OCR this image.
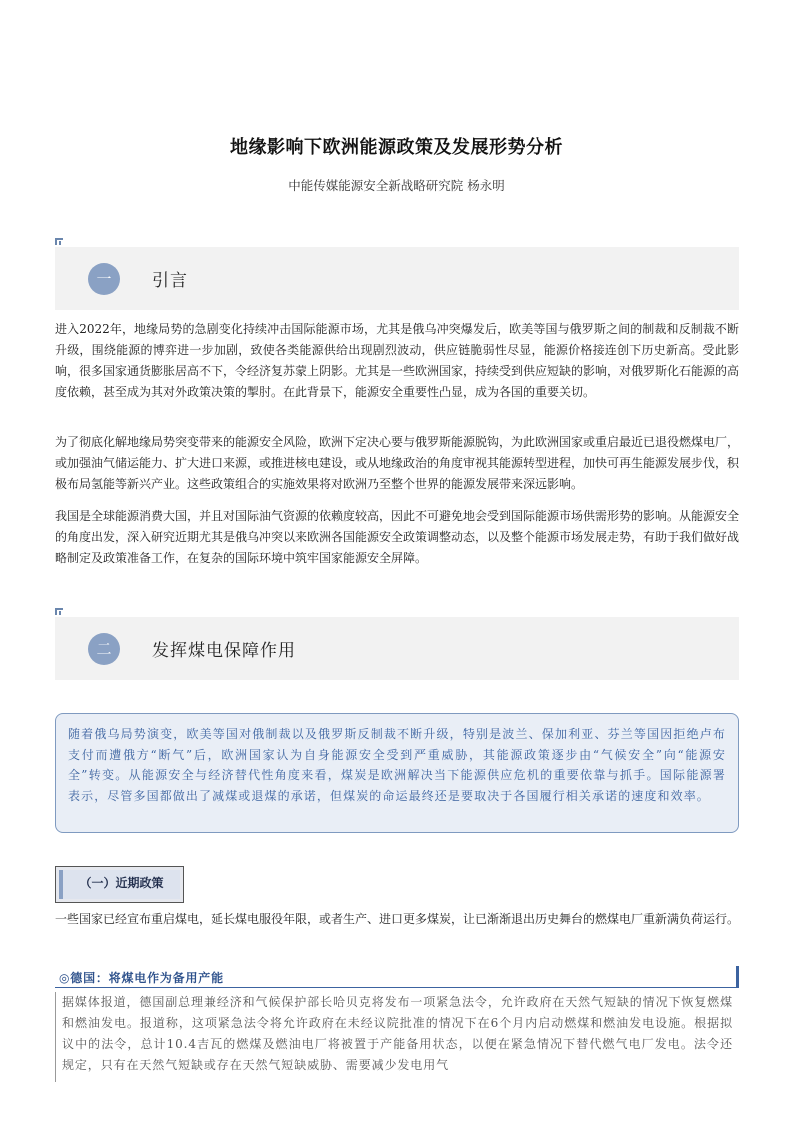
地缘影响下欧洲能源政策及发展形势分析
中能传媒能源安全新战略研究院 杨永明
一	引言

进入2022年，地缘局势的急剧变化持续冲击国际能源市场，尤其是俄乌冲突爆发后，欧美等国与俄罗斯之间的制裁和反制裁不断升级，围绕能源的博弈进一步加剧，致使各类能源供给出现剧烈波动，供应链脆弱性尽显，能源价格接连创下历史新高。受此影响，很多国家通货膨胀居高不下，令经济复苏蒙上阴影。尤其是一些欧洲国家，持续受到供应短缺的影响，对俄罗斯化石能源的高度依赖，甚至成为其对外政策决策的掣肘。在此背景下，能源安全重要性凸显，成为各国的重要关切。

为了彻底化解地缘局势突变带来的能源安全风险，欧洲下定决心要与俄罗斯能源脱钩，为此欧洲国家或重启最近已退役燃煤电厂，或加强油气储运能力、扩大进口来源，或推进核电建设，或从地缘政治的角度审视其能源转型进程，加快可再生能源发展步伐，积极布局氢能等新兴产业。这些政策组合的实施效果将对欧洲乃至整个世界的能源发展带来深远影响。

我国是全球能源消费大国，并且对国际油气资源的依赖度较高，因此不可避免地会受到国际能源市场供需形势的影响。从能源安全的角度出发，深入研究近期尤其是俄乌冲突以来欧洲各国能源安全政策调整动态，以及整个能源市场发展走势，有助于我们做好战略制定及政策准备工作，在复杂的国际环境中筑牢国家能源安全屏障。

二	发挥煤电保障作用

随着俄乌局势演变，欧美等国对俄制裁以及俄罗斯反制裁不断升级，特别是波兰、保加利亚、芬兰等国因拒绝卢布支付而遭俄方“断气”后，欧洲国家认为自身能源安全受到严重威胁，其能源政策逐步由“气候安全”向“能源安全”转变。从能源安全与经济替代性角度来看，煤炭是欧洲解决当下能源供应危机的重要依靠与抓手。国际能源署表示，尽管多国都做出了减煤或退煤的承诺，但煤炭的命运最终还是要取决于各国履行相关承诺的速度和效率。

（一）近期政策

一些国家已经宣布重启煤电，延长煤电服役年限，或者生产、进口更多煤炭，让已渐渐退出历史舞台的燃煤电厂重新满负荷运行。

◎德国：将煤电作为备用产能

据媒体报道，德国副总理兼经济和气候保护部长哈贝克将发布一项紧急法令，允许政府在天然气短缺的情况下恢复燃煤和燃油发电。报道称，这项紧急法令将允许政府在未经议院批准的情况下在6个月内启动燃煤和燃油发电设施。根据拟议中的法令，总计10.4吉瓦的燃煤及燃油电厂将被置于产能备用状态，以便在紧急情况下替代燃气电厂发电。法令还规定，只有在天然气短缺或存在天然气短缺威胁、需要减少发电用气
